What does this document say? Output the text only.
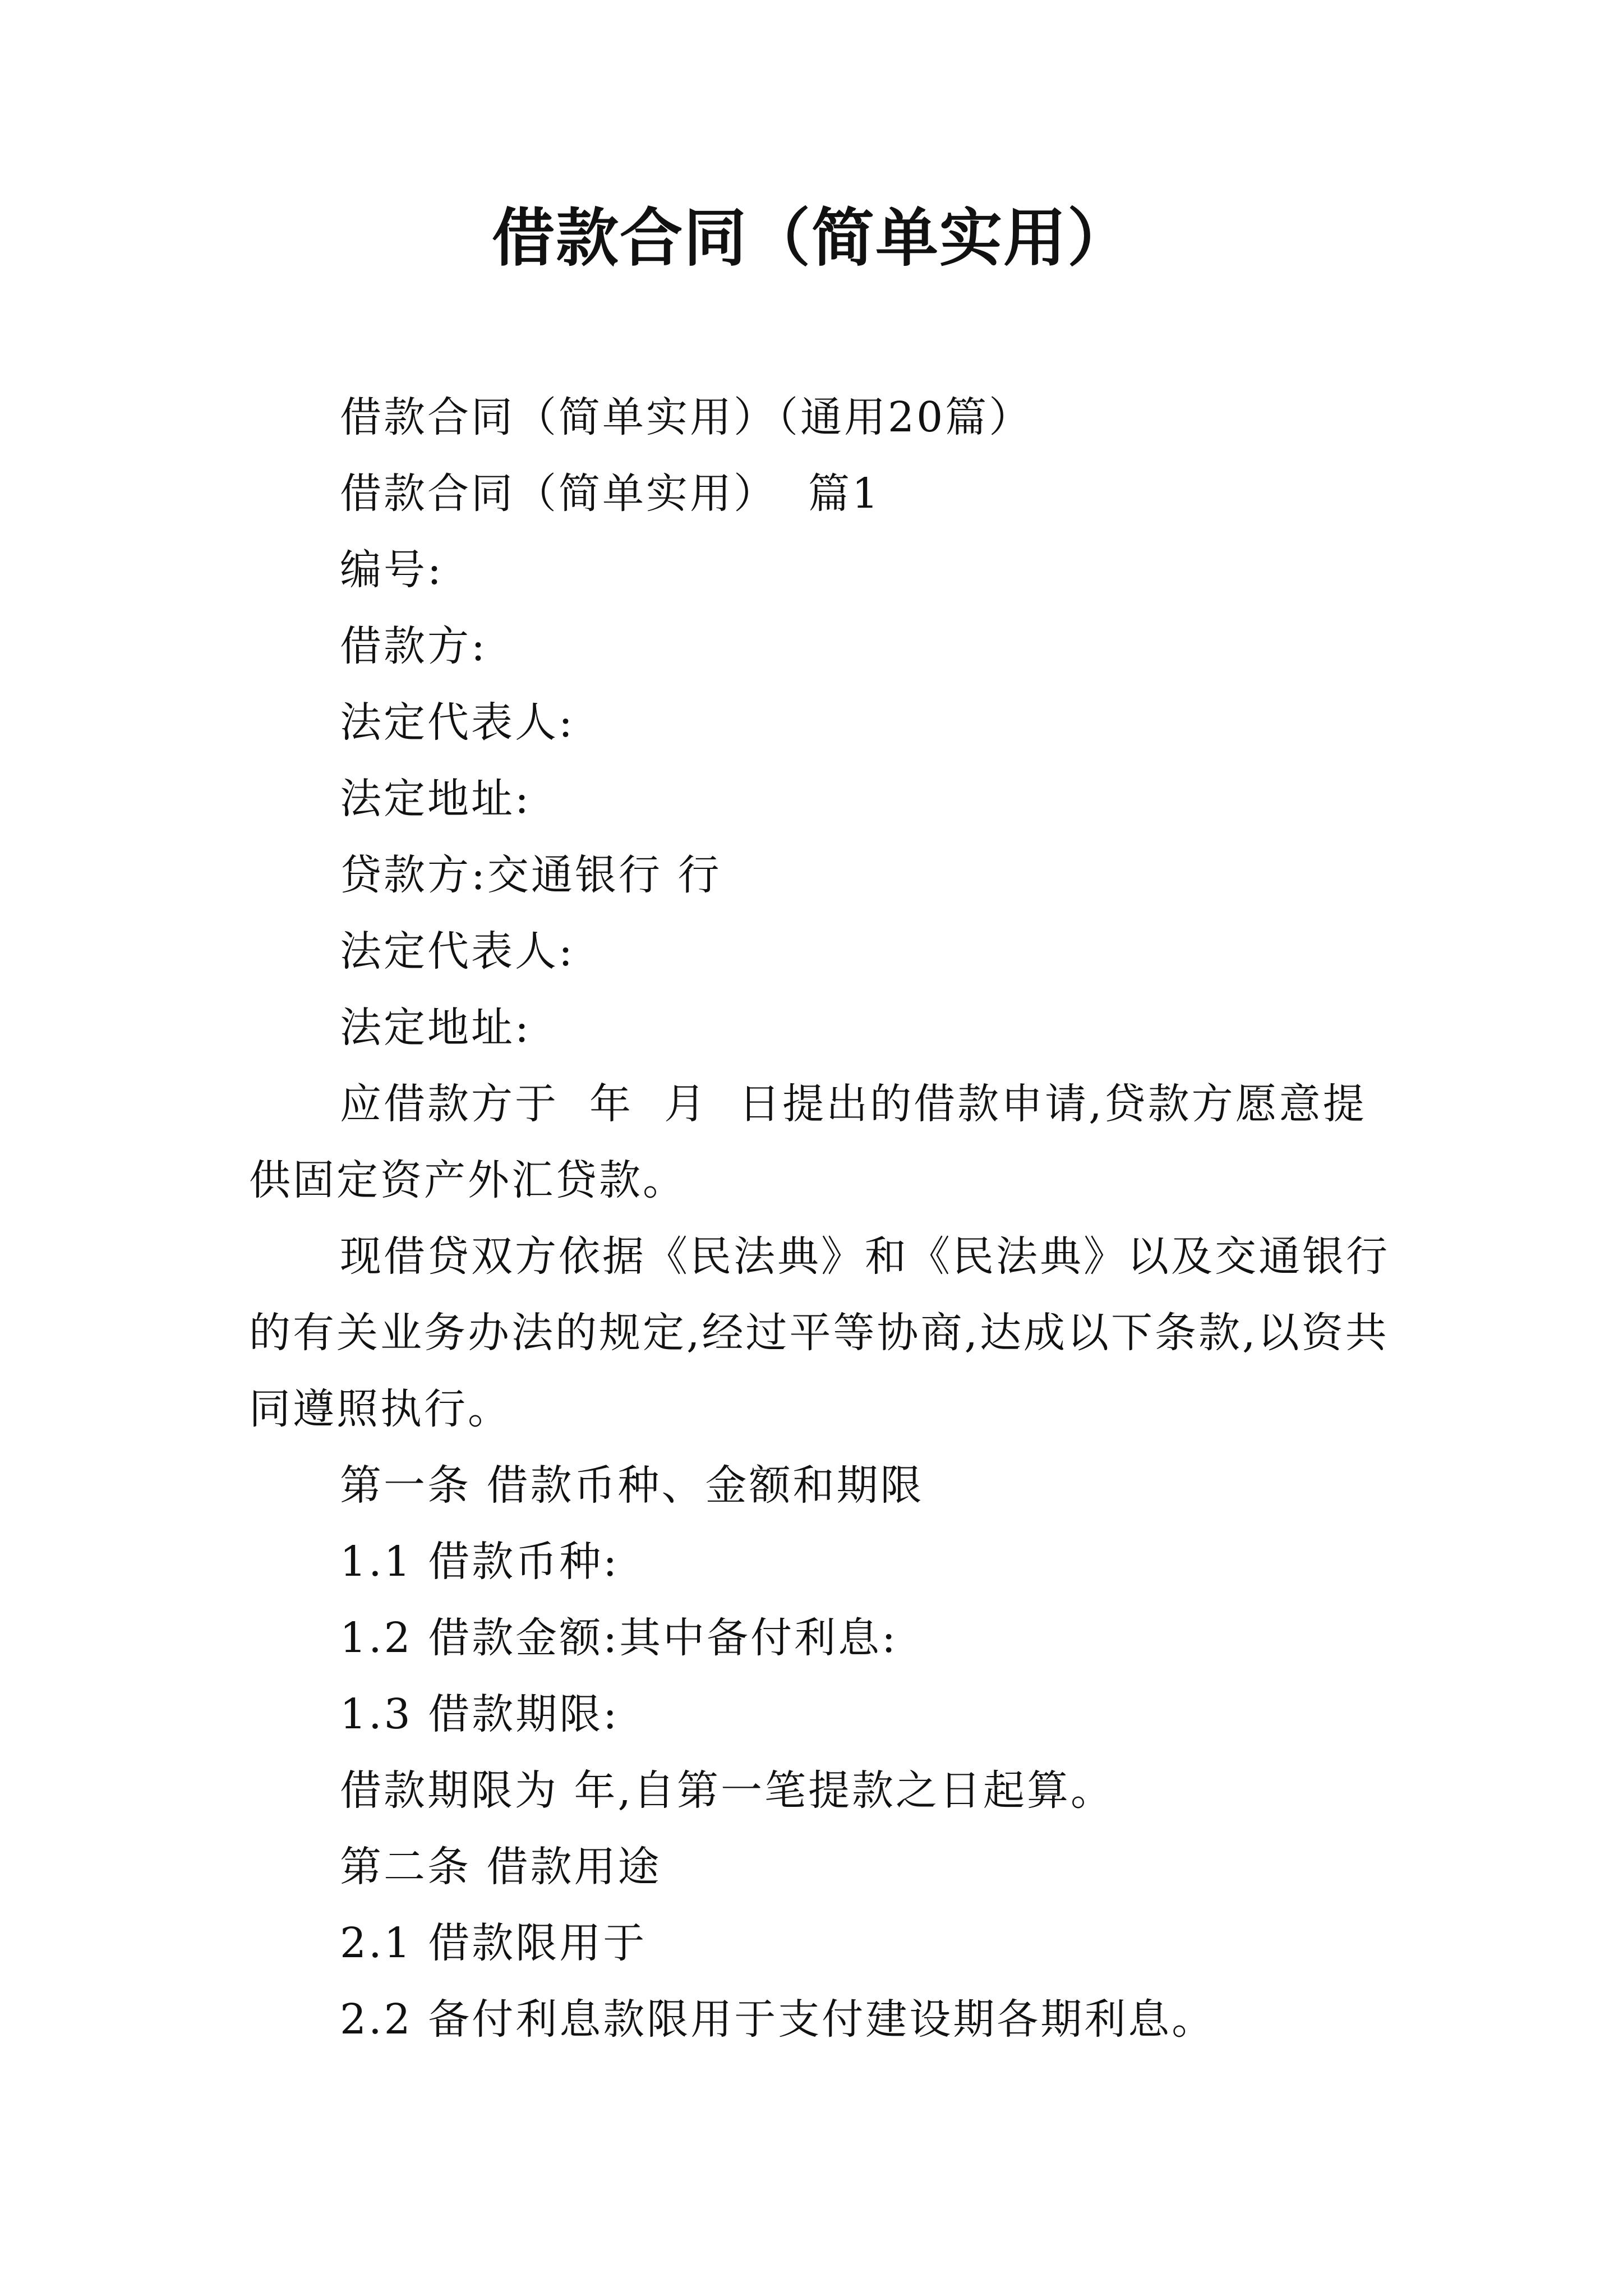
借款合同（简单实用）

借款合同（简单实用）（通用20篇）

借款合同（简单实用）  篇1

编号:

借款方:

法定代表人:

法定地址:

贷款方:交通银行 行

法定代表人:

法定地址:

应借款方于  年  月  日提出的借款申请,贷款方愿意提供固定资产外汇贷款。

现借贷双方依据《民法典》和《民法典》以及交通银行的有关业务办法的规定,经过平等协商,达成以下条款,以资共同遵照执行。

第一条 借款币种、金额和期限

1.1 借款币种:

1.2 借款金额:其中备付利息:

1.3 借款期限:

借款期限为 年,自第一笔提款之日起算。

第二条 借款用途

2.1 借款限用于

2.2 备付利息款限用于支付建设期各期利息。
